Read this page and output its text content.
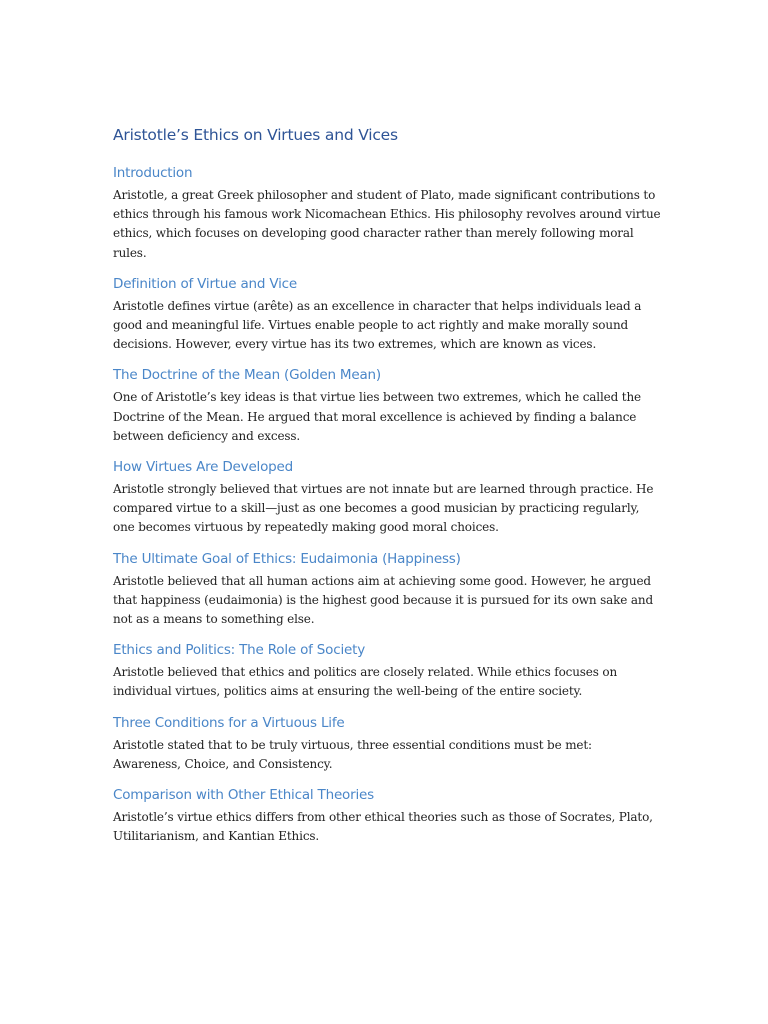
Aristotle’s Ethics on Virtues and Vices
Introduction

Aristotle, a great Greek philosopher and student of Plato, made significant contributions to ethics through his famous work Nicomachean Ethics. His philosophy revolves around virtue ethics, which focuses on developing good character rather than merely following moral rules.

Definition of Virtue and Vice

Aristotle defines virtue (arête) as an excellence in character that helps individuals lead a good and meaningful life. Virtues enable people to act rightly and make morally sound decisions. However, every virtue has its two extremes, which are known as vices.

The Doctrine of the Mean (Golden Mean)

One of Aristotle’s key ideas is that virtue lies between two extremes, which he called the Doctrine of the Mean. He argued that moral excellence is achieved by finding a balance between deficiency and excess.

How Virtues Are Developed

Aristotle strongly believed that virtues are not innate but are learned through practice. He compared virtue to a skill—just as one becomes a good musician by practicing regularly, one becomes virtuous by repeatedly making good moral choices.

The Ultimate Goal of Ethics: Eudaimonia (Happiness)

Aristotle believed that all human actions aim at achieving some good. However, he argued that happiness (eudaimonia) is the highest good because it is pursued for its own sake and not as a means to something else.

Ethics and Politics: The Role of Society

Aristotle believed that ethics and politics are closely related. While ethics focuses on individual virtues, politics aims at ensuring the well-being of the entire society.

Three Conditions for a Virtuous Life

Aristotle stated that to be truly virtuous, three essential conditions must be met: Awareness, Choice, and Consistency.

Comparison with Other Ethical Theories

Aristotle’s virtue ethics differs from other ethical theories such as those of Socrates, Plato, Utilitarianism, and Kantian Ethics.
